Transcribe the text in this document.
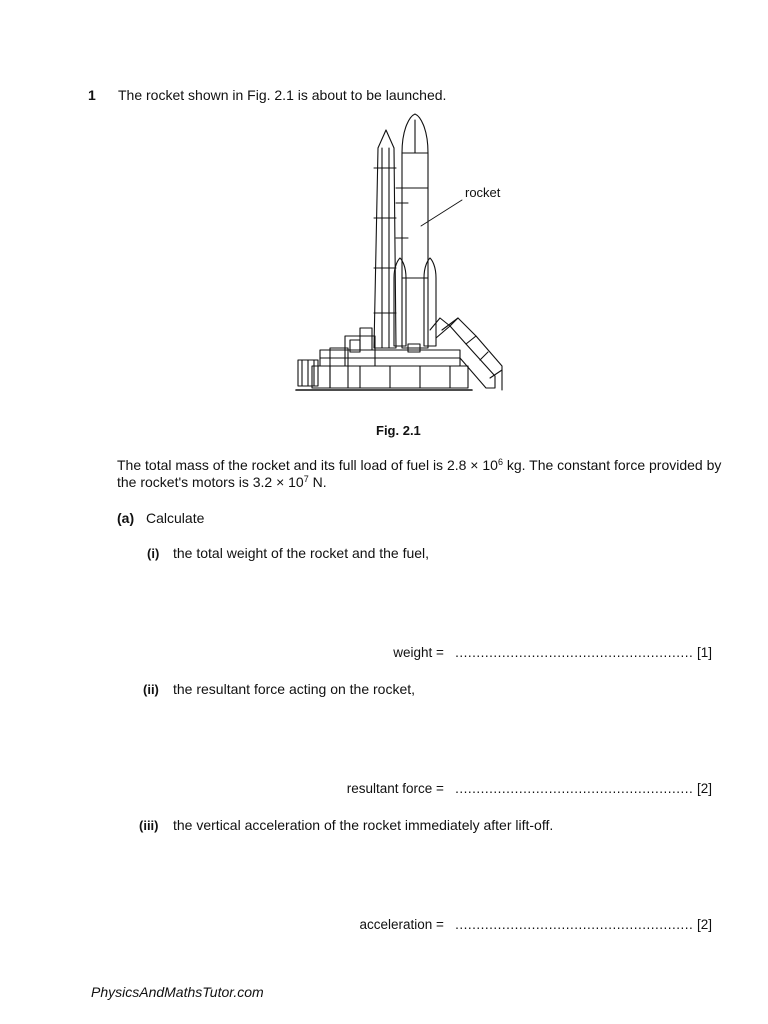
1 The rocket shown in Fig. 2.1 is about to be launched.
rocket
Fig. 2.1
The total mass of the rocket and its full load of fuel is $2.8 \times 10^6$ kg. The constant force provided by the rocket's motors is $3.2 \times 10^7$ N.
(a) Calculate
(i) the total weight of the rocket and the fuel,
weight = ........................................................ [1]
(ii) the resultant force acting on the rocket,
resultant force = ........................................................ [2]
(iii) the vertical acceleration of the rocket immediately after lift-off.
acceleration = ........................................................ [2]
PhysicsAndMathsTutor.com
